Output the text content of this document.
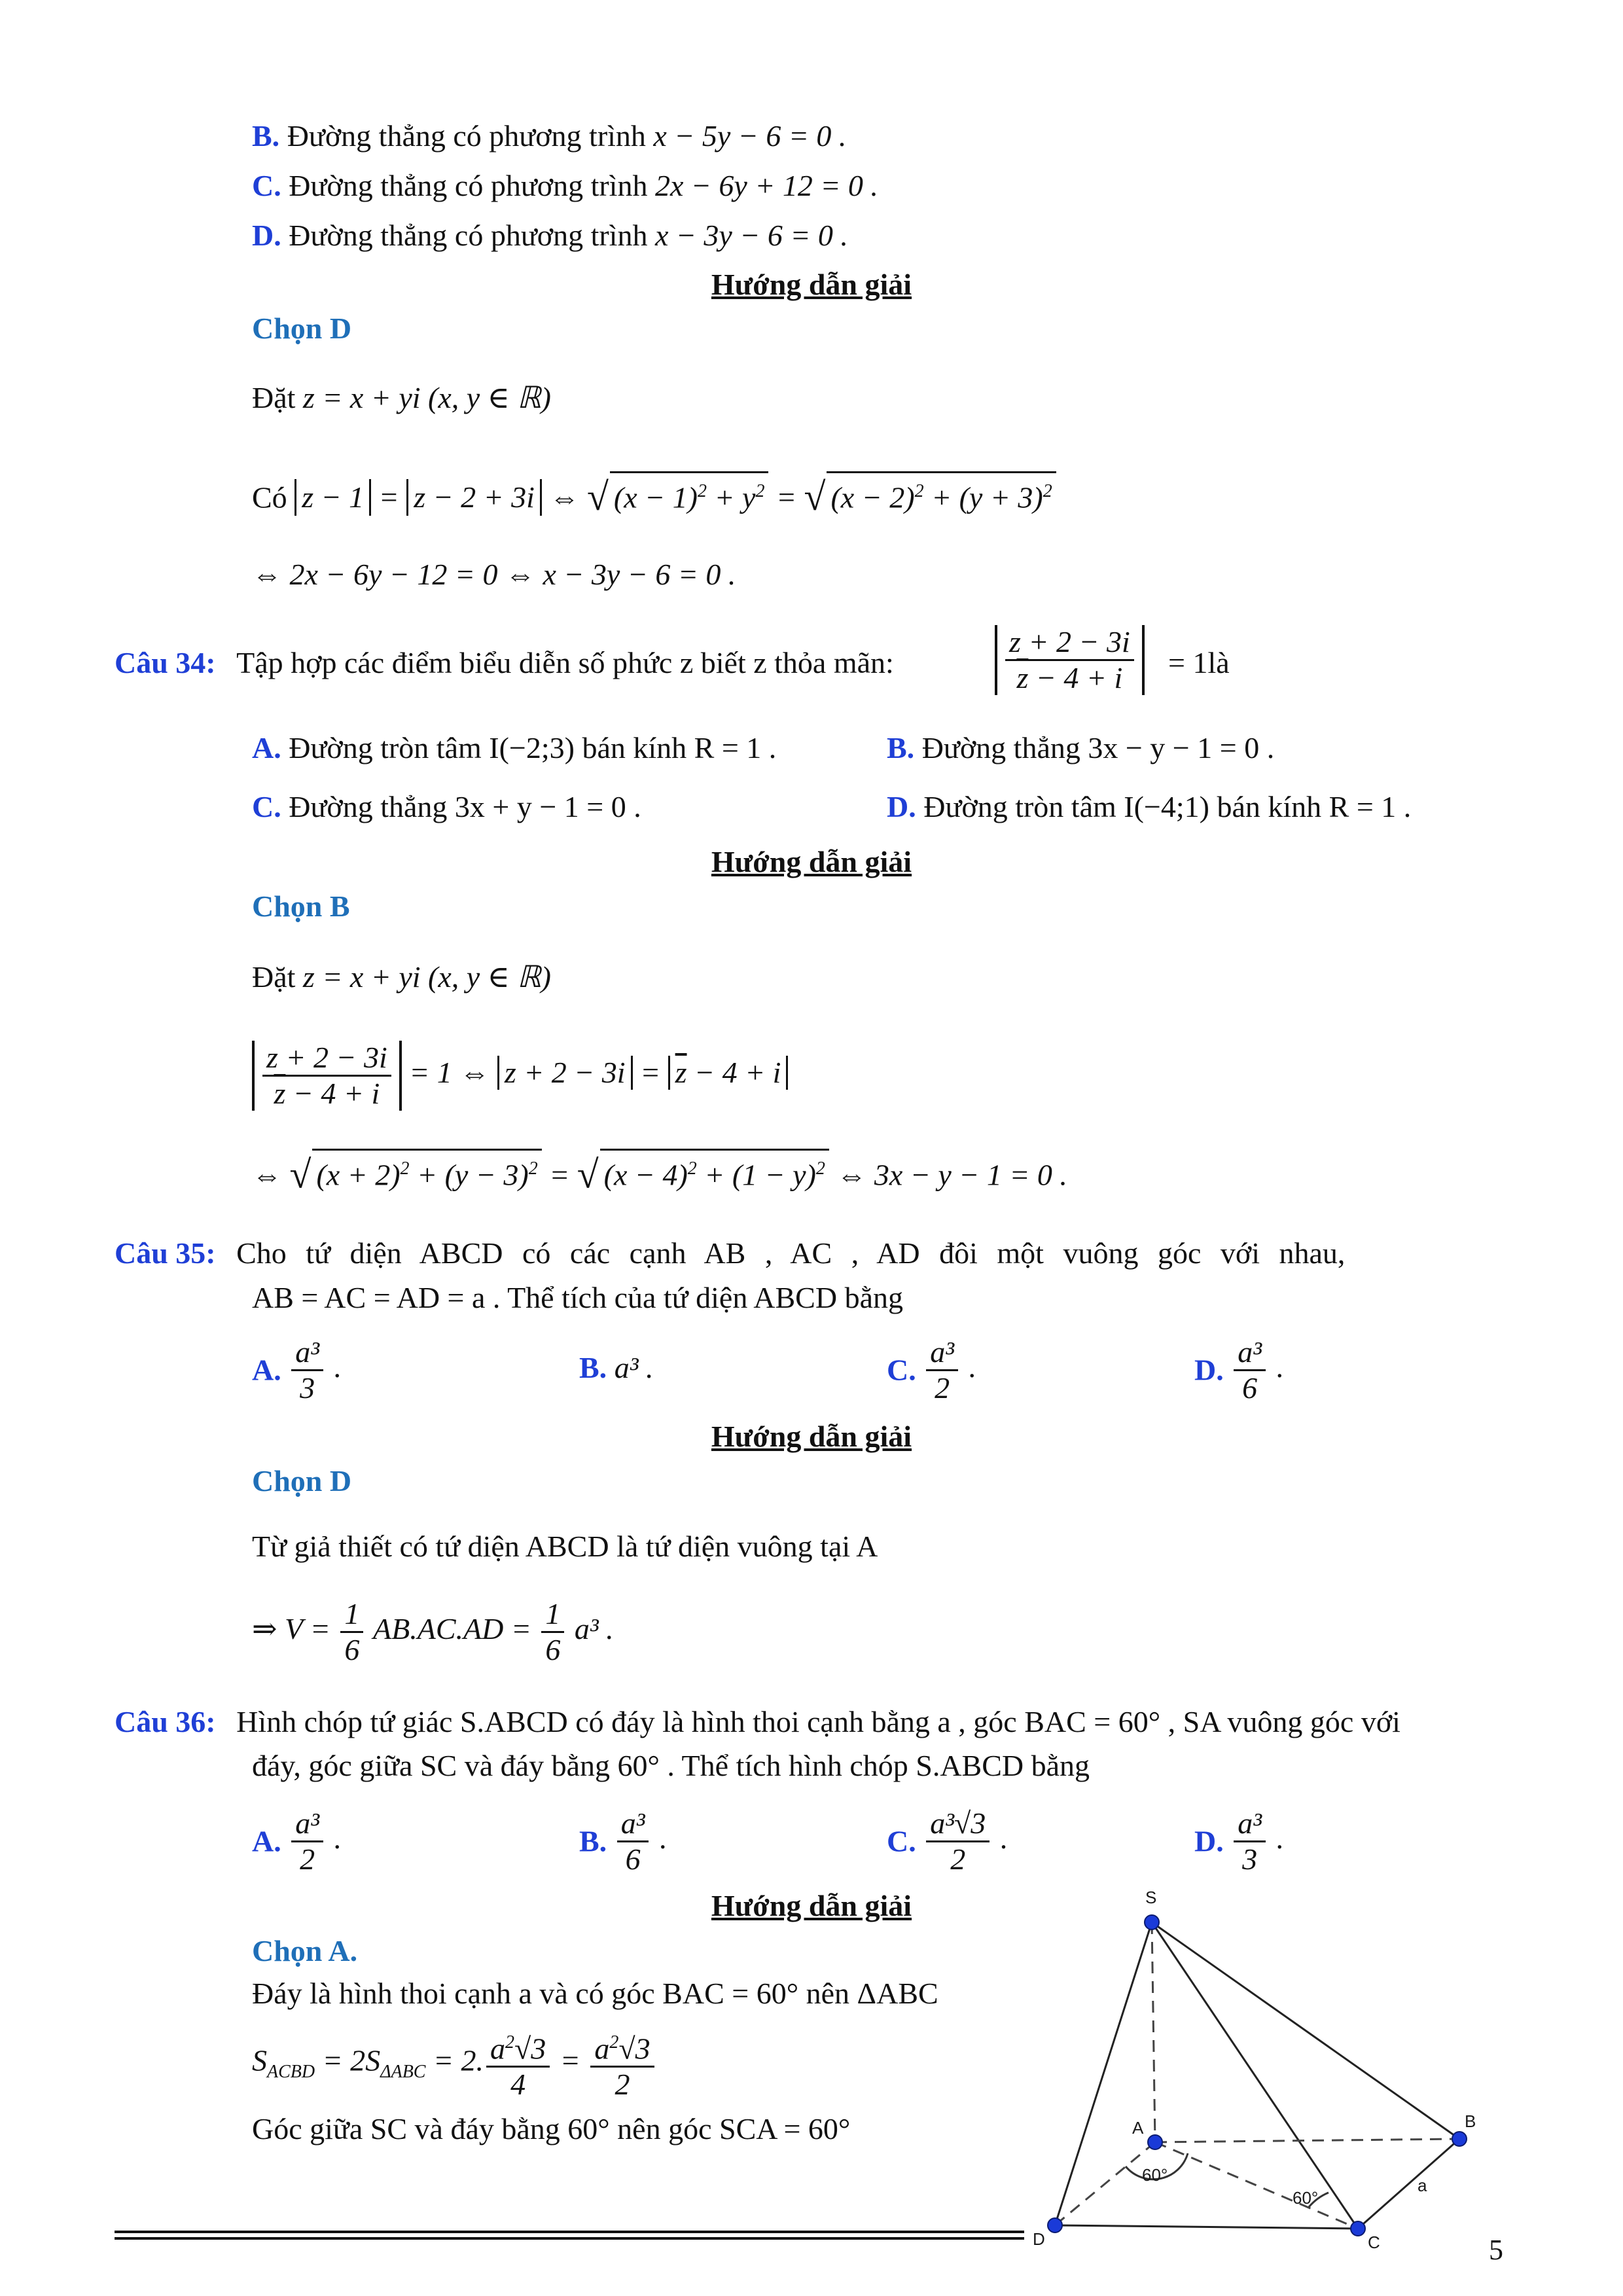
B. Đường thẳng có phương trình x − 5y − 6 = 0 .
C. Đường thẳng có phương trình 2x − 6y + 12 = 0 .
D. Đường thẳng có phương trình x − 3y − 6 = 0 .
Hướng dẫn giải
Chọn D
Đặt z = x + yi (x, y ∈ ℝ)
Có z − 1 = z − 2 + 3i ⇔ √ $(x - 1)^2 + y^2$ = √ $(x - 2)^2 + (y + 3)^2$
⇔ 2x − 6y − 12 = 0 ⇔ x − 3y − 6 = 0 .
Câu 34: Tập hợp các điểm biểu diễn số phức z biết z thỏa mãn:	$\frac{z + 2 - 3i}{\overline{z} - 4 + i}$ = 1là
A. Đường tròn tâm I(−2;3) bán kính R = 1 .	B. Đường thẳng 3x − y − 1 = 0 .
C. Đường thẳng 3x + y − 1 = 0 .	D. Đường tròn tâm I(−4;1) bán kính R = 1 .
Hướng dẫn giải
Chọn B
Đặt z = x + yi (x, y ∈ ℝ)
$\frac{z + 2 - 3i}{\overline{z} - 4 + i} = 1$ ⇔ $z + 2 - 3i = \overline{z} - 4 + i$
⇔ √ $(x + 2)^2 + (y - 3)^2$ = √ $(x - 4)^2 + (1 - y)^2$ ⇔ 3x − y − 1 = 0 .
Câu 35: Cho tứ diện ABCD có các cạnh AB , AC , AD đôi một vuông góc với nhau,
AB = AC = AD = a . Thể tích của tứ diện ABCD bằng
A. $\frac{\text{a³}}{3}$ .	B. a³ .	C. $\frac{\text{a³}}{2}$ .	D. $\frac{\text{a³}}{6}$ .
Hướng dẫn giải
Chọn D
Từ giả thiết có tứ diện ABCD là tứ diện vuông tại A
⇒ $V = \frac{1}{6} AB.AC.AD = \frac{1}{6} a^3$ .
Câu 36: Hình chóp tứ giác S.ABCD có đáy là hình thoi cạnh bằng a , góc BAC = 60° , SA vuông góc với
đáy, góc giữa SC và đáy bằng 60° . Thể tích hình chóp S.ABCD bằng
A. $\frac{\text{a³}}{2}$ .	B. $\frac{\text{a³}}{6}$ .	C. $\frac{\text{a³√3}}{2}$ .	D. $\frac{\text{a³}}{3}$ .
Hướng dẫn giải
Chọn A.
Đáy là hình thoi cạnh a và có góc BAC = 60° nên ΔABC
$S_{ACBD} = 2S_{\Delta ABC} = 2$. $\frac{a^2√3}{4} = \frac{a^2√3}{2}$
Góc giữa SC và đáy bằng 60° nên góc SCA = 60°
S
A	B
C
D
a
60°
60°
5
